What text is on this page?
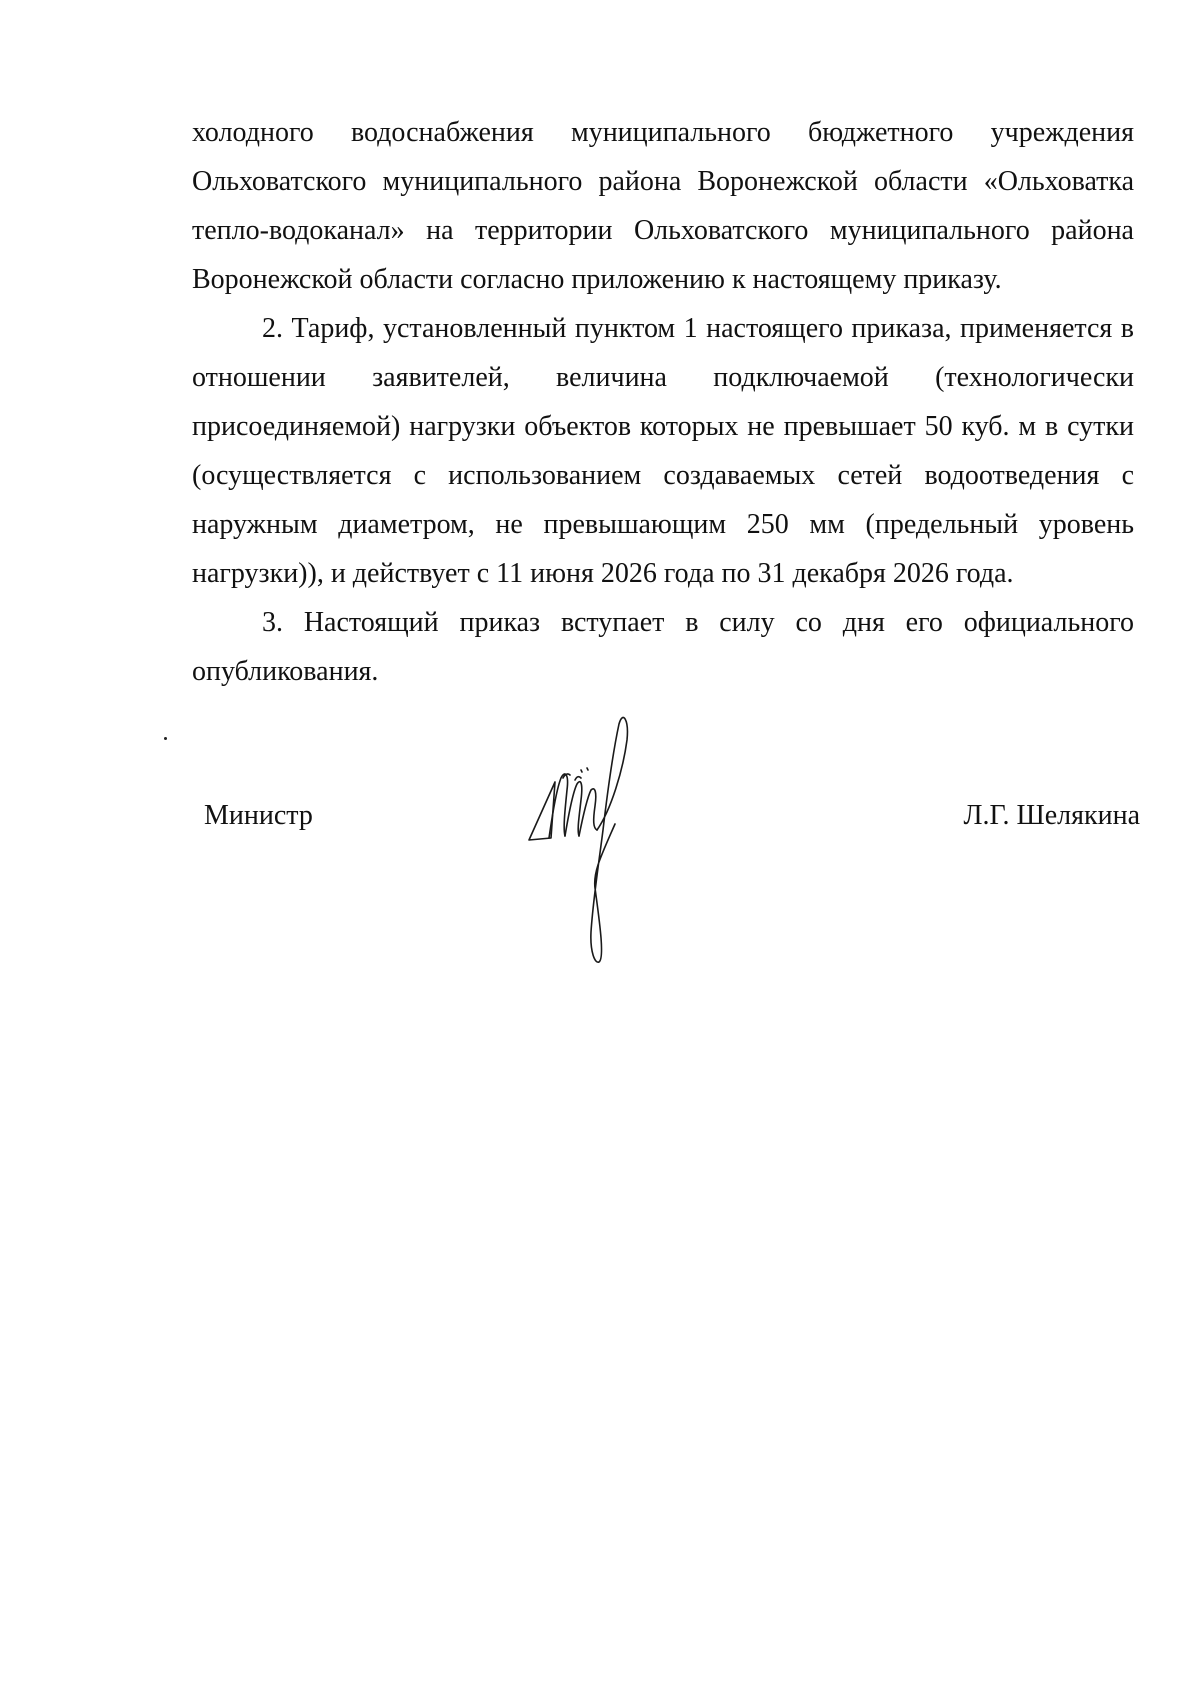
холодного водоснабжения муниципального бюджетного учреждения Ольховатского муниципального района Воронежской области «Ольховатка тепло-водоканал» на территории Ольховатского муниципального района Воронежской области согласно приложению к настоящему приказу.

2. Тариф, установленный пунктом 1 настоящего приказа, применяется в отношении заявителей, величина подключаемой (технологически присоединяемой) нагрузки объектов которых не превышает 50 куб. м в сутки (осуществляется с использованием создаваемых сетей водоотведения с наружным диаметром, не превышающим 250 мм (предельный уровень нагрузки)), и действует с 11 июня 2026 года по 31 декабря 2026 года.

3. Настоящий приказ вступает в силу со дня его официального опубликования.

Министр	Л.Г. Шелякина
